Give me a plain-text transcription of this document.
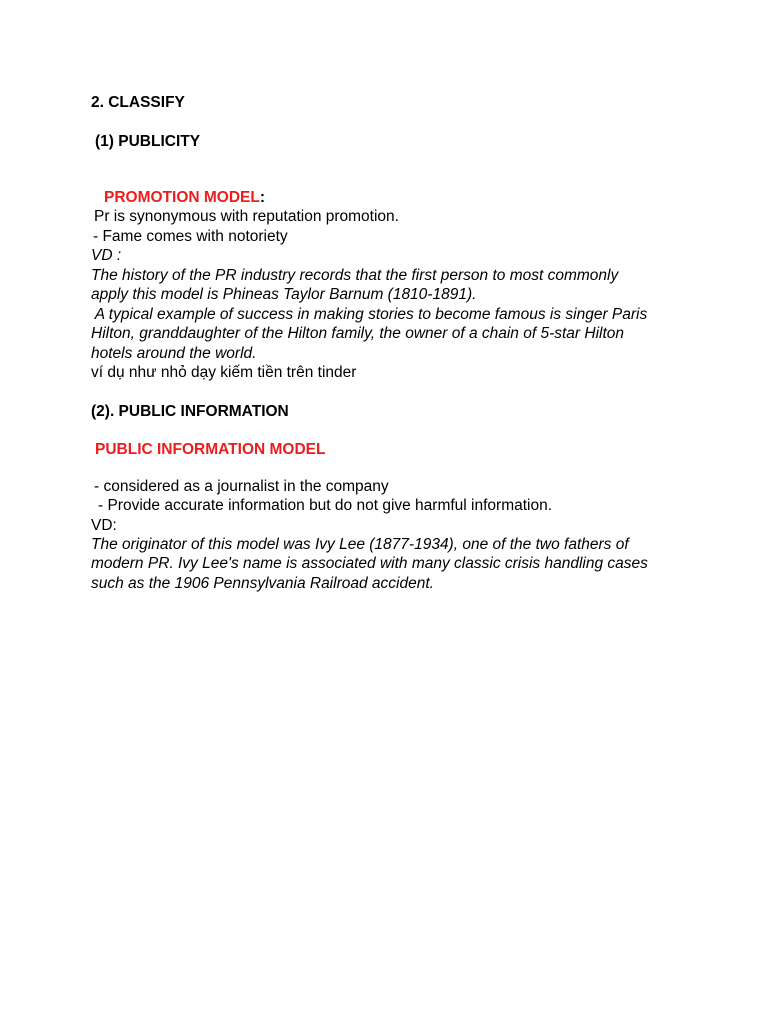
2. CLASSIFY
(1) PUBLICITY
PROMOTION MODEL:
Pr is synonymous with reputation promotion.
- Fame comes with notoriety
VD :
The history of the PR industry records that the first person to most commonly
apply this model is Phineas Taylor Barnum (1810-1891).
A typical example of success in making stories to become famous is singer Paris
Hilton, granddaughter of the Hilton family, the owner of a chain of 5-star Hilton
hotels around the world.
ví dụ như nhỏ dạy kiếm tiền trên tinder
(2). PUBLIC INFORMATION
PUBLIC INFORMATION MODEL
- considered as a journalist in the company
- Provide accurate information but do not give harmful information.
VD:
The originator of this model was Ivy Lee (1877-1934), one of the two fathers of
modern PR. Ivy Lee's name is associated with many classic crisis handling cases
such as the 1906 Pennsylvania Railroad accident.
